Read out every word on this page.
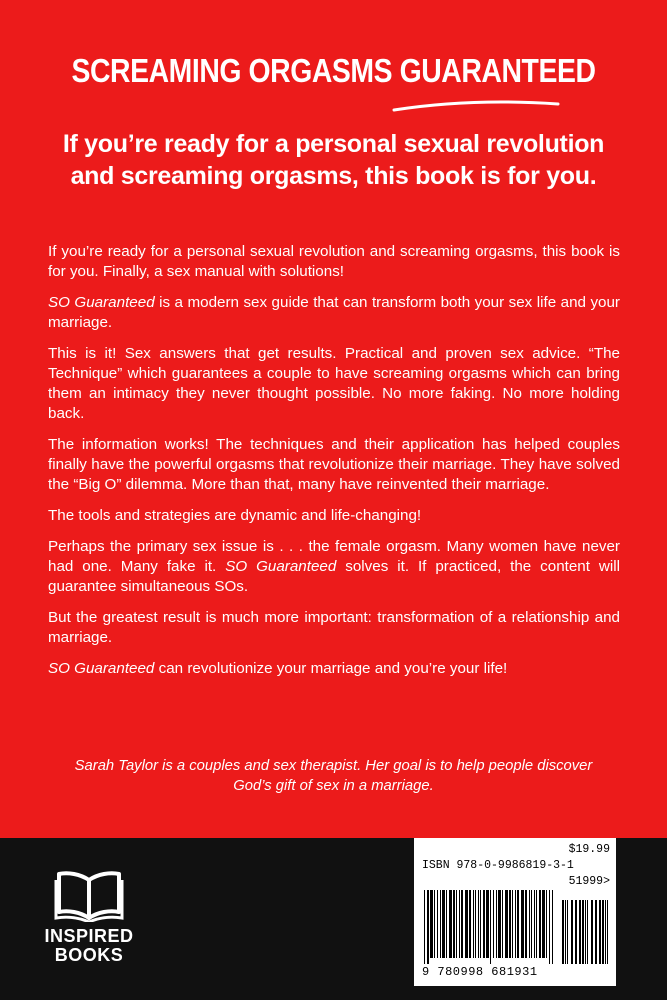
SCREAMING ORGASMS GUARANTEED
If you’re ready for a personal sexual revolution and screaming orgasms, this book is for you.

If you’re ready for a personal sexual revolution and screaming orgasms, this book is for you. Finally, a sex manual with solutions!

SO Guaranteed is a modern sex guide that can transform both your sex life and your marriage.

This is it! Sex answers that get results. Practical and proven sex advice. “The Technique” which guarantees a couple to have screaming orgasms which can bring them an intimacy they never thought possible. No more faking. No more holding back.

The information works! The techniques and their application has helped couples finally have the powerful orgasms that revolutionize their marriage. They have solved the “Big O” dilemma. More than that, many have reinvented their marriage.

The tools and strategies are dynamic and life-changing!

Perhaps the primary sex issue is . . . the female orgasm. Many women have never had one. Many fake it. SO Guaranteed solves it. If practiced, the content will guarantee simultaneous SOs.

But the greatest result is much more important: transformation of a relationship and marriage.

SO Guaranteed can revolutionize your marriage and you’re your life!

Sarah Taylor is a couples and sex therapist. Her goal is to help people discover God’s gift of sex in a marriage.
INSPIRED
BOOKS
$19.99
ISBN 978-0-9986819-3-1
51999>
9 780998 681931
